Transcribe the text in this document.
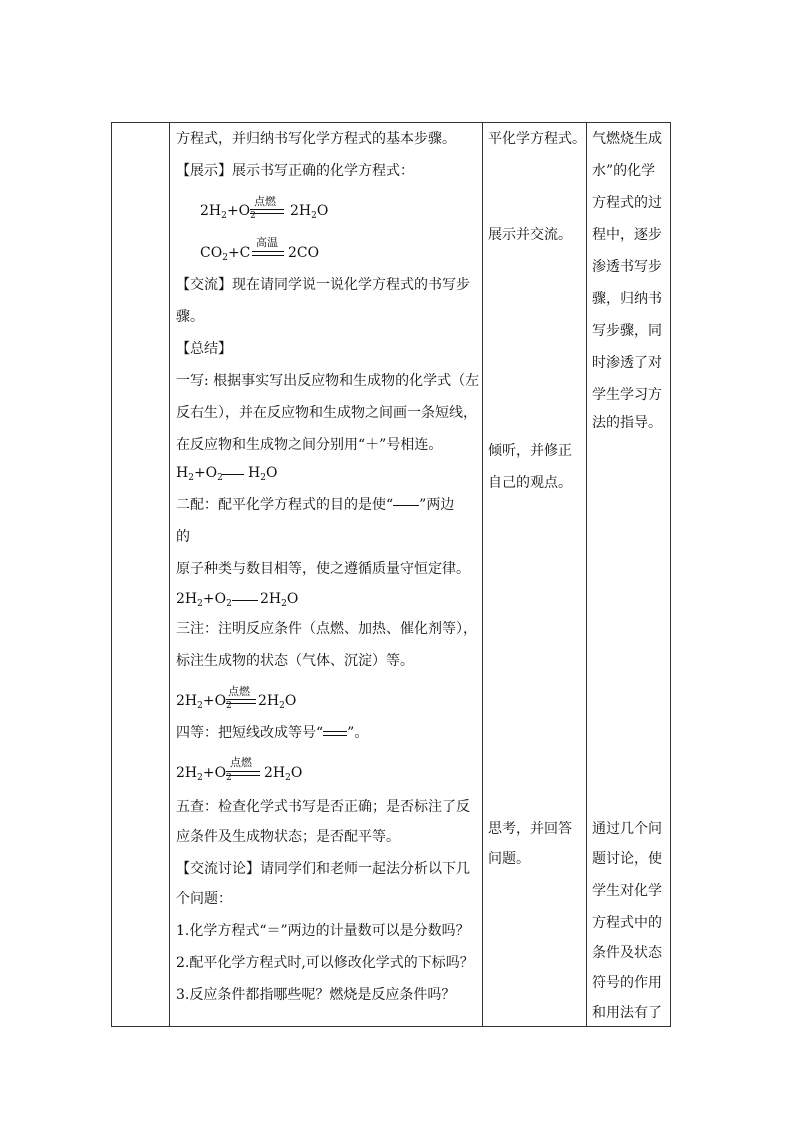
方程式，并归纳书写化学方程式的基本步骤。
【展示】展示书写正确的化学方程式：
$2H_2+O_2$
点燃
$2H_2O$
$CO_2+C$
高温
2CO
【交流】现在请同学说一说化学方程式的书写步
骤。
【总结】
一写: 根据事实写出反应物和生成物的化学式（左
反右生），并在反应物和生成物之间画一条短线，
在反应物和生成物之间分别用“＋”号相连。
$H_2+O_2$ $H_2O$
二配：配平化学方程式的目的是使“ ”两边
的
原子种类与数目相等，使之遵循质量守恒定律。
$2H_2+O_2$ $2H_2O$
三注：注明反应条件（点燃、加热、催化剂等），
标注生成物的状态（气体、沉淀）等。
$2H_2+O_2$
点燃
$2H_2O$
四等：把短线改成等号“ ”。
$2H_2+O_2$
点燃
$2H_2O$
五查：检查化学式书写是否正确；是否标注了反
应条件及生成物状态；是否配平等。
【交流讨论】请同学们和老师一起法分析以下几
个问题：
1.化学方程式“＝”两边的计量数可以是分数吗？
2.配平化学方程式时,可以修改化学式的下标吗？
3.反应条件都指哪些呢？燃烧是反应条件吗？
平化学方程式。
展示并交流。
倾听，并修正
自己的观点。
思考，并回答
问题。
气燃烧生成
水”的化学
方程式的过
程中，逐步
渗透书写步
骤，归纳书
写步骤，同
时渗透了对
学生学习方
法的指导。
通过几个问
题讨论，使
学生对化学
方程式中的
条件及状态
符号的作用
和用法有了
